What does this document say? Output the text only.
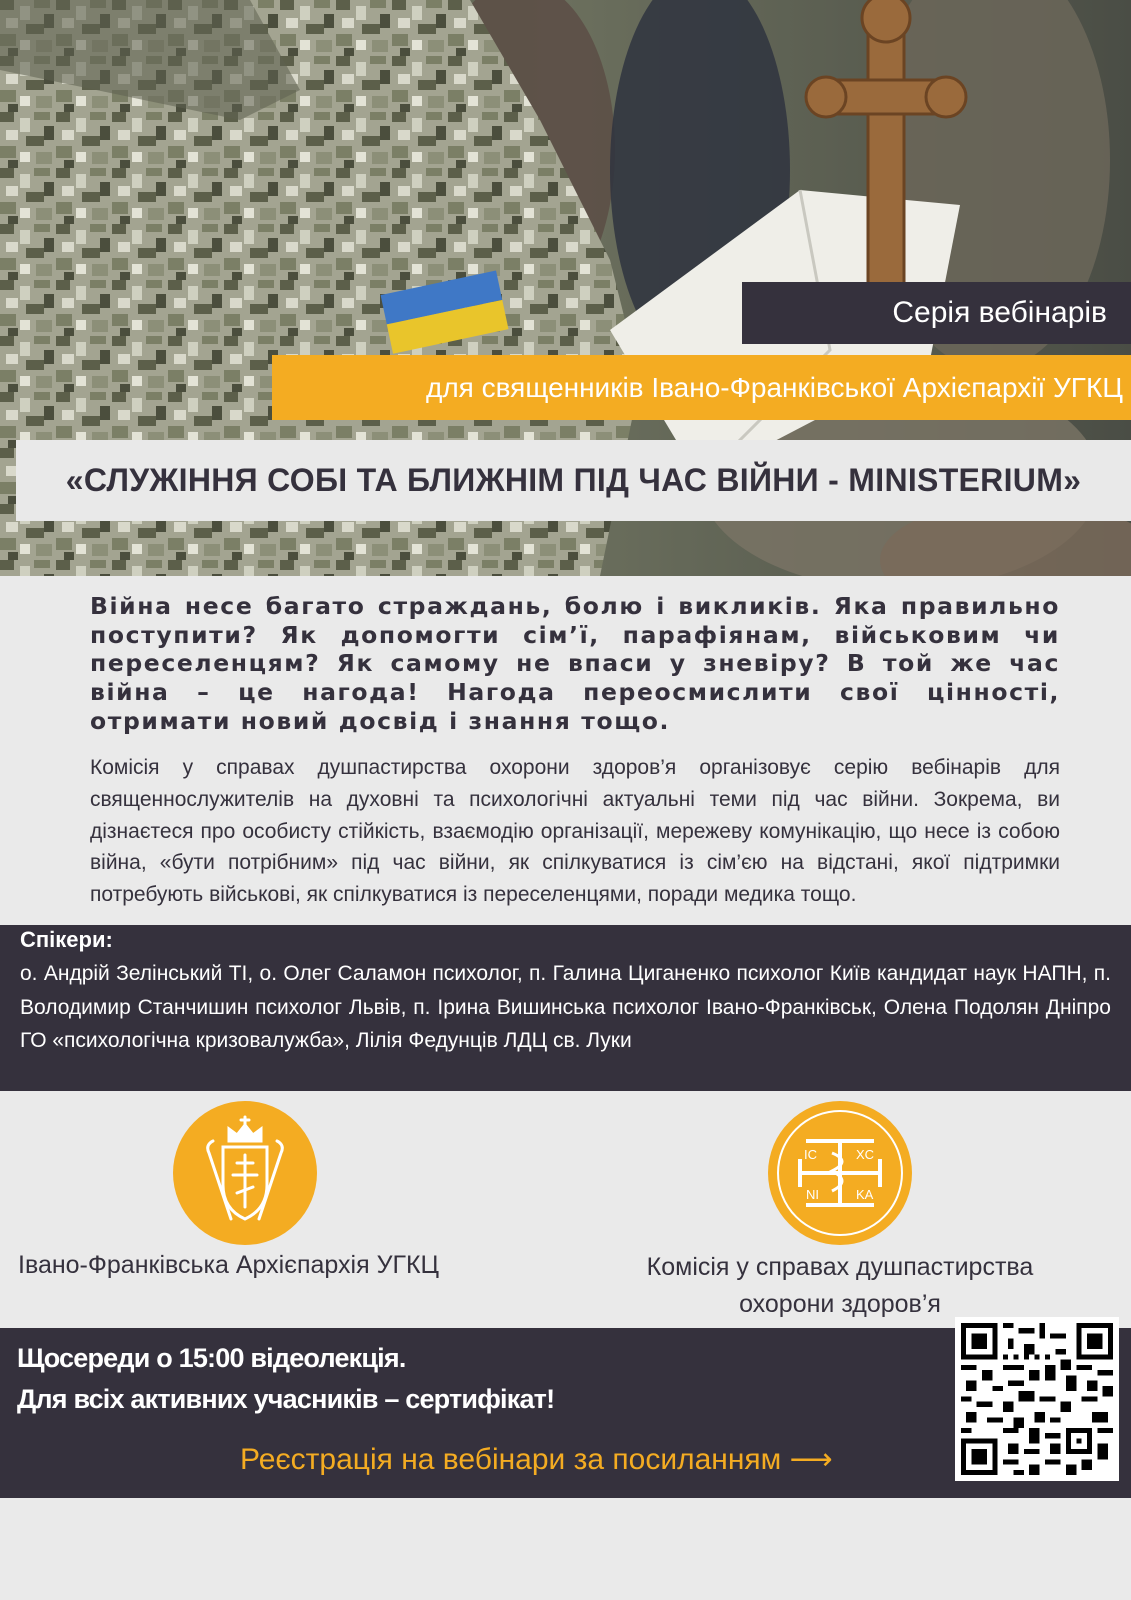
Серія вебінарів
для священників Івано-Франківської Архієпархії УГКЦ
«СЛУЖІННЯ СОБІ ТА БЛИЖНІМ ПІД ЧАС ВІЙНИ - MINISTERIUM»

Війна несе багато страждань, болю і викликів. Яка правильно поступити? Як допомогти сім’ї, парафіянам, військовим чи переселенцям? Як самому не впаси у зневіру? В той же час війна – це нагода! Нагода переосмислити свої цінності, отримати новий досвід і знання тощо.

Комісія у справах душпастирства охорони здоров’я організовує серію вебінарів для священнослужителів на духовні та психологічні актуальні теми під час війни. Зокрема, ви дізнаєтеся про особисту стійкість, взаємодію організації, мережеву комунікацію, що несе із собою війна, «бути потрібним» під час війни, як спілкуватися із сім’єю на відстані, якої підтримки потребують військові, як спілкуватися із переселенцями, поради медика тощо.

Спікери:

о. Андрій Зелінський ТІ, о. Олег Саламон психолог, п. Галина Циганенко психолог Київ кандидат наук НАПН, п. Володимир Станчишин психолог Львів, п. Ірина Вишинська психолог Івано-Франківськ, Олена Подолян Дніпро ГО «психологічна кризовалужба», Лілія Федунців ЛДЦ св. Луки

Івано-Франківська Архієпархія УГКЦ
IC	XC
NI	KA
Комісія у справах душпастирства
охорони здоров’я
Щосереди о 15:00 відеолекція.
Для всіх активних учасників – сертифікат!
Реєстрація на вебінари за посиланням ⟶
